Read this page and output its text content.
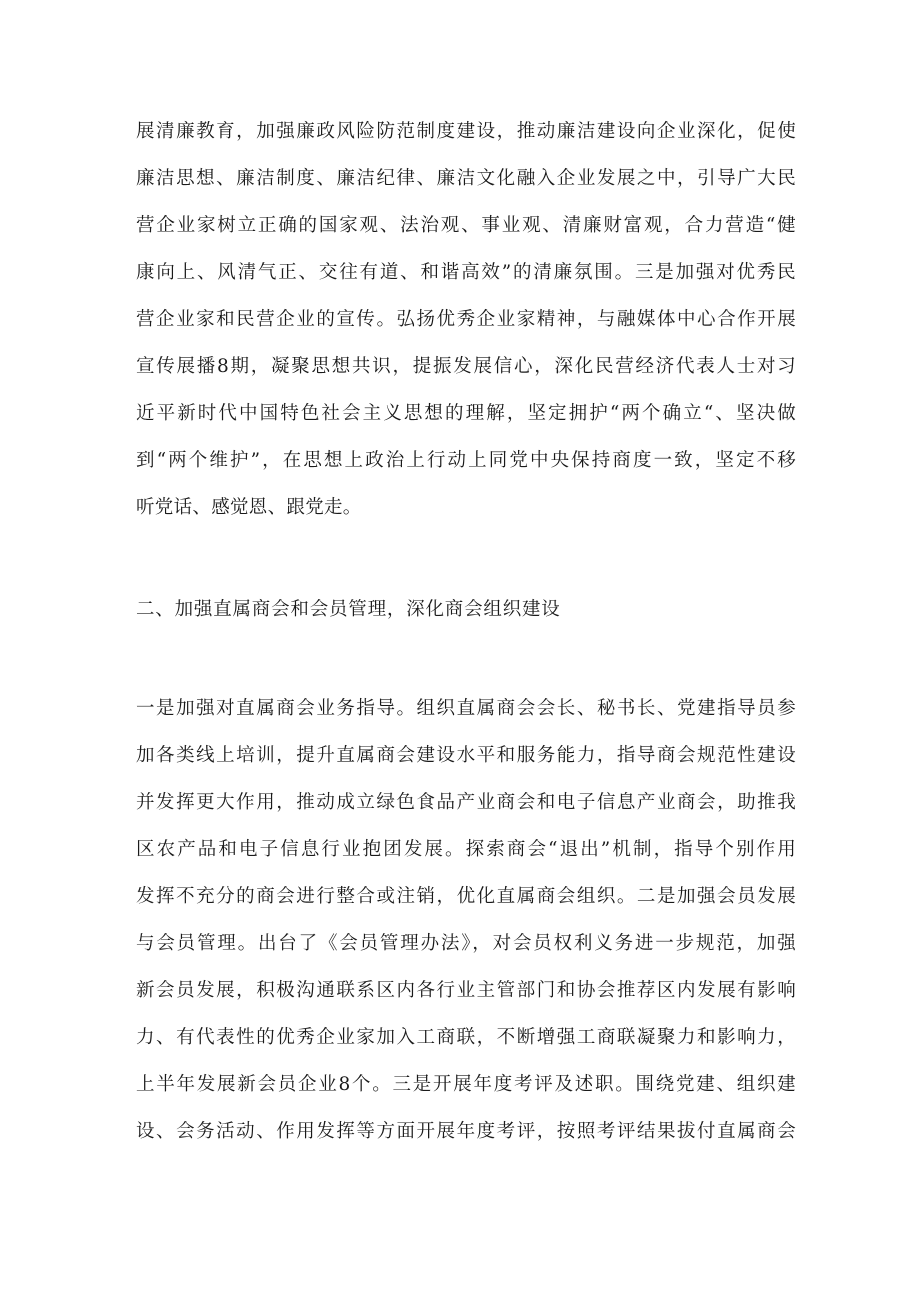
展清廉教育，加强廉政风险防范制度建设，推动廉洁建设向企业深化，促使
廉洁思想、廉洁制度、廉洁纪律、廉洁文化融入企业发展之中，引导广大民
营企业家树立正确的国家观、法治观、事业观、清廉财富观，合力营造“健
康向上、风清气正、交往有道、和谐高效”的清廉氛围。三是加强对优秀民
营企业家和民营企业的宣传。弘扬优秀企业家精神，与融媒体中心合作开展
宣传展播8期，凝聚思想共识，提振发展信心，深化民营经济代表人士对习
近平新时代中国特色社会主义思想的理解，坚定拥护“两个确立“、坚决做
到“两个维护”，在思想上政治上行动上同党中央保持商度一致，坚定不移
听党话、感觉恩、跟党走。
二、加强直属商会和会员管理，深化商会组织建设
一是加强对直属商会业务指导。组织直属商会会长、秘书长、党建指导员参
加各类线上培训，提升直属商会建设水平和服务能力，指导商会规范性建设
并发挥更大作用，推动成立绿色食品产业商会和电子信息产业商会，助推我
区农产品和电子信息行业抱团发展。探索商会“退出”机制，指导个别作用
发挥不充分的商会进行整合或注销，优化直属商会组织。二是加强会员发展
与会员管理。出台了《会员管理办法》，对会员权利义务进一步规范，加强
新会员发展，积极沟通联系区内各行业主管部门和协会推荐区内发展有影响
力、有代表性的优秀企业家加入工商联，不断增强工商联凝聚力和影响力，
上半年发展新会员企业8个。三是开展年度考评及述职。围绕党建、组织建
设、会务活动、作用发挥等方面开展年度考评，按照考评结果拔付直属商会
